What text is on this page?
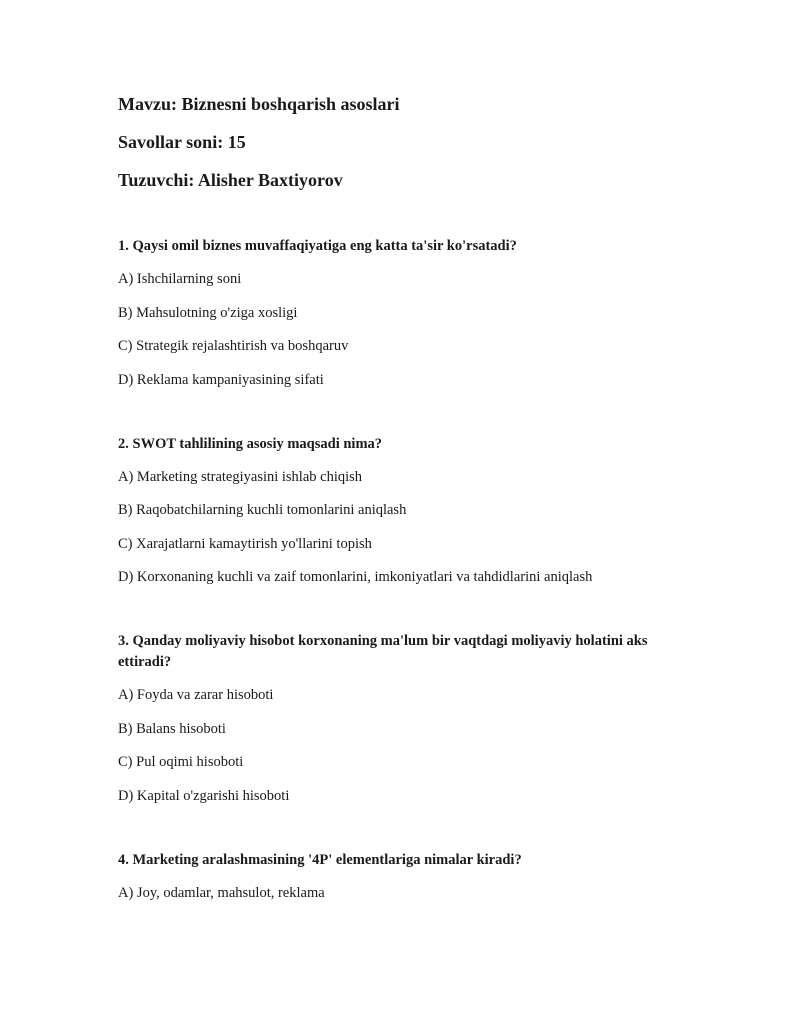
Mavzu: Biznesni boshqarish asoslari

Savollar soni: 15

Tuzuvchi: Alisher Baxtiyorov

1. Qaysi omil biznes muvaffaqiyatiga eng katta ta'sir ko'rsatadi?

A) Ishchilarning soni

B) Mahsulotning o'ziga xosligi

C) Strategik rejalashtirish va boshqaruv

D) Reklama kampaniyasining sifati

2. SWOT tahlilining asosiy maqsadi nima?

A) Marketing strategiyasini ishlab chiqish

B) Raqobatchilarning kuchli tomonlarini aniqlash

C) Xarajatlarni kamaytirish yo'llarini topish

D) Korxonaning kuchli va zaif tomonlarini, imkoniyatlari va tahdidlarini aniqlash

3. Qanday moliyaviy hisobot korxonaning ma'lum bir vaqtdagi moliyaviy holatini aks ettiradi?

A) Foyda va zarar hisoboti

B) Balans hisoboti

C) Pul oqimi hisoboti

D) Kapital o'zgarishi hisoboti

4. Marketing aralashmasining '4P' elementlariga nimalar kiradi?

A) Joy, odamlar, mahsulot, reklama
